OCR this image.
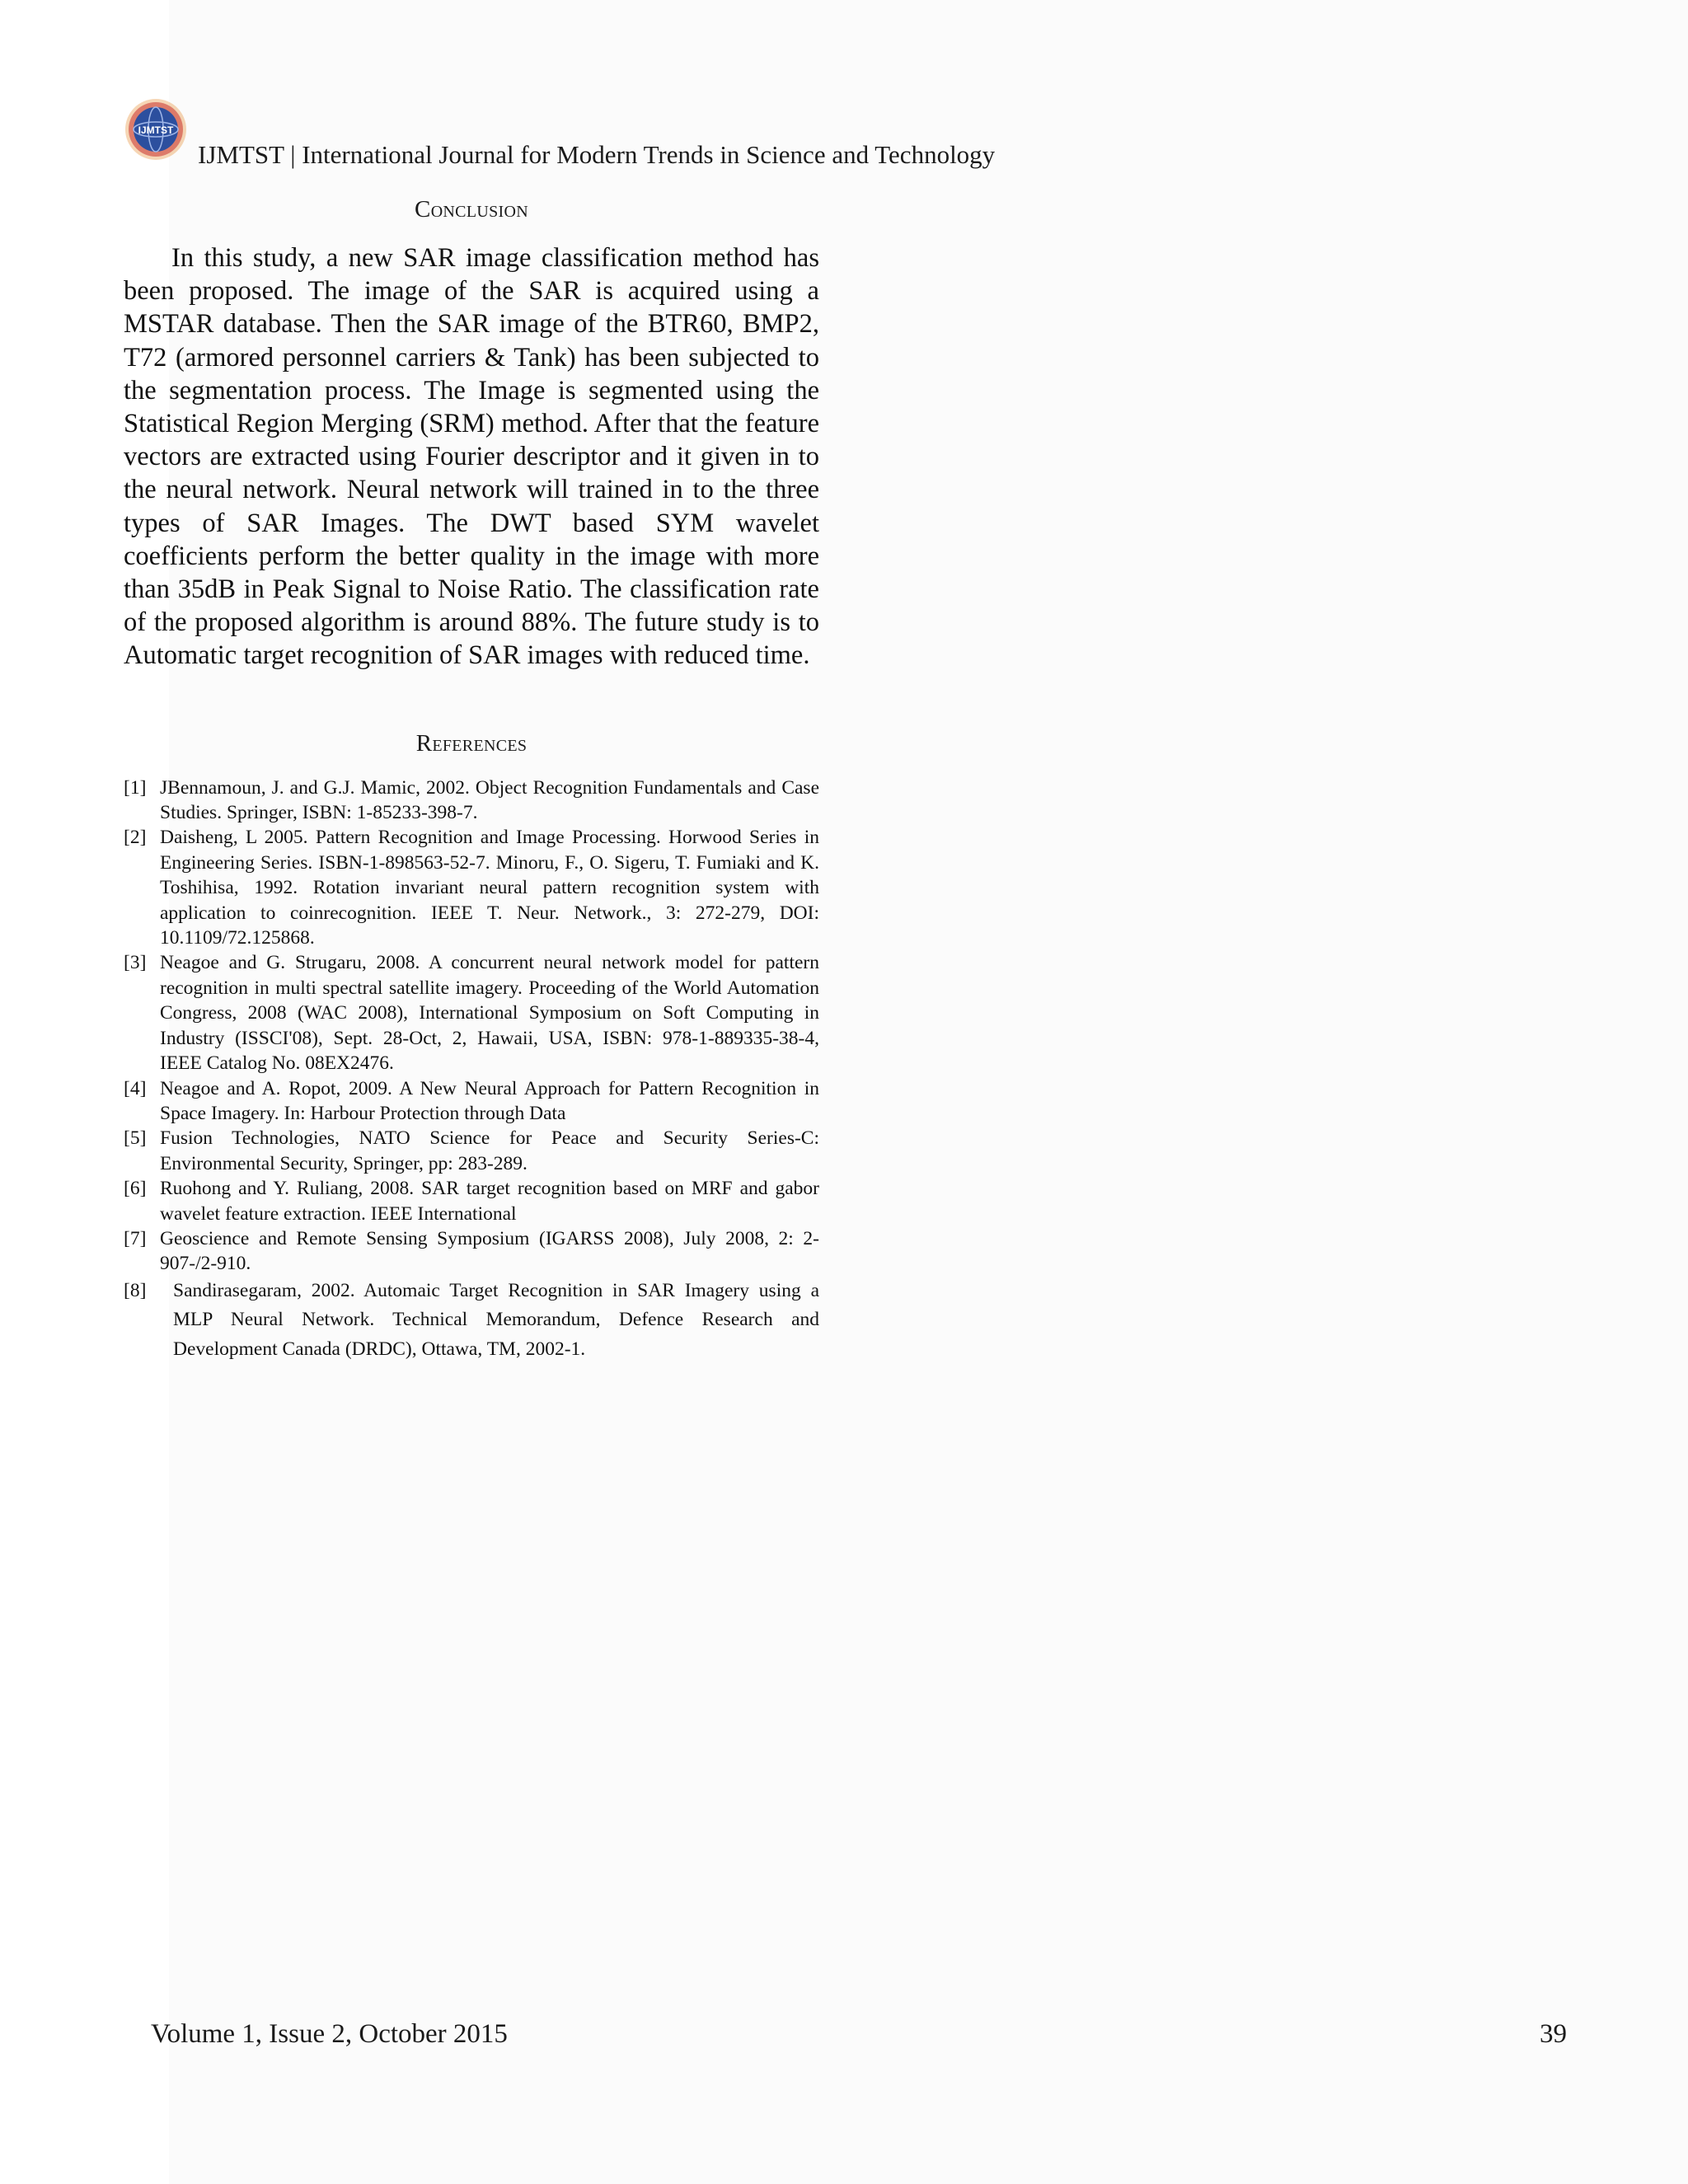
IJMTST
IJMTST | International Journal for Modern Trends in Science and Technology
Conclusion

In this study, a new SAR image classification method has been proposed. The image of the SAR is acquired using a MSTAR database. Then the SAR image of the BTR60, BMP2, T72 (armored personnel carriers & Tank) has been subjected to the segmentation process. The Image is segmented using the Statistical Region Merging (SRM) method. After that the feature vectors are extracted using Fourier descriptor and it given in to the neural network. Neural network will trained in to the three types of SAR Images. The DWT based SYM wavelet coefficients perform the better quality in the image with more than 35dB in Peak Signal to Noise Ratio. The classification rate of the proposed algorithm is around 88%. The future study is to Automatic target recognition of SAR images with reduced time.

References
[1] JBennamoun, J. and G.J. Mamic, 2002. Object Recognition Fundamentals and Case Studies. Springer, ISBN: 1-85233-398-7.
[2] Daisheng, L 2005. Pattern Recognition and Image Processing. Horwood Series in Engineering Series. ISBN-1-898563-52-7. Minoru, F., O. Sigeru, T. Fumiaki and K. Toshihisa, 1992. Rotation invariant neural pattern recognition system with application to coinrecognition. IEEE T. Neur. Network., 3: 272-279, DOI: 10.1109/72.125868.
[3] Neagoe and G. Strugaru, 2008. A concurrent neural network model for pattern recognition in multi spectral satellite imagery. Proceeding of the World Automation Congress, 2008 (WAC 2008), International Symposium on Soft Computing in Industry (ISSCI'08), Sept. 28-Oct, 2, Hawaii, USA, ISBN: 978-1-889335-38-4, IEEE Catalog No. 08EX2476.
[4] Neagoe and A. Ropot, 2009. A New Neural Approach for Pattern Recognition in Space Imagery. In: Harbour Protection through Data
[5] Fusion Technologies, NATO Science for Peace and Security Series-C: Environmental Security, Springer, pp: 283-289.
[6] Ruohong and Y. Ruliang, 2008. SAR target recognition based on MRF and gabor wavelet feature extraction. IEEE International
[7] Geoscience and Remote Sensing Symposium (IGARSS 2008), July 2008, 2: 2-907-/2-910.
[8]	Sandirasegaram, 2002. Automaic Target Recognition in SAR Imagery using a MLP Neural Network. Technical Memorandum, Defence Research and Development Canada (DRDC), Ottawa, TM, 2002-1.
Volume 1, Issue 2, October 2015	39
